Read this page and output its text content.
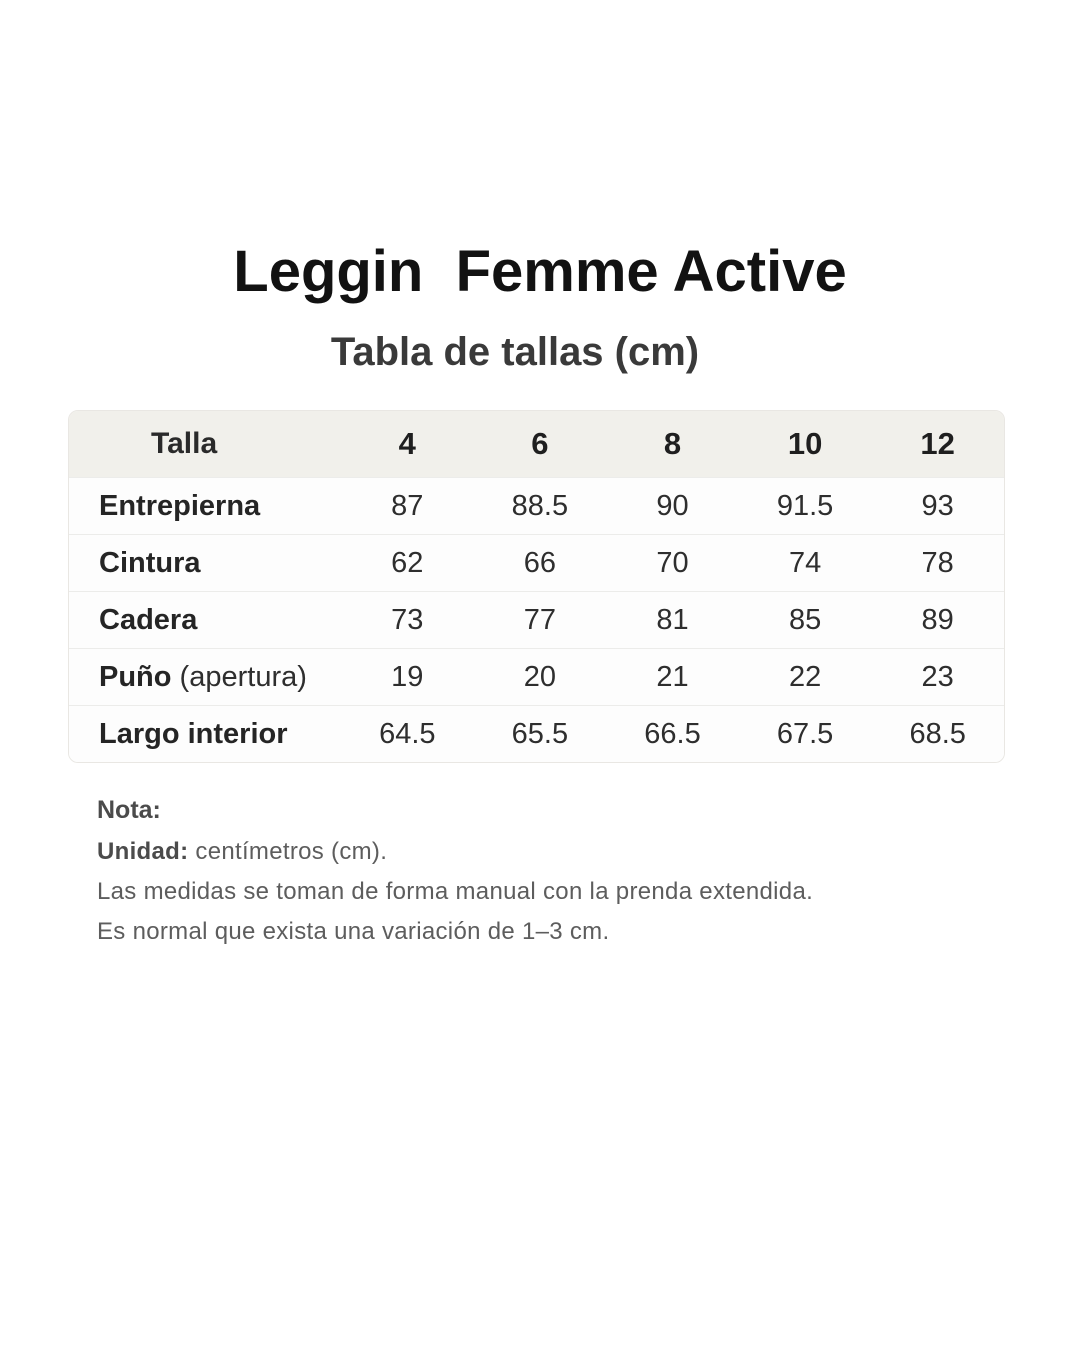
Leggin  Femme Active
Tabla de tallas (cm)
Talla	4	6	8	10	12
Entrepierna	87	88.5	90	91.5	93
Cintura	62	66	70	74	78
Cadera	73	77	81	85	89
Puño (apertura)	19	20	21	22	23
Largo interior	64.5	65.5	66.5	67.5	68.5
Nota:
Unidad: centímetros (cm).
Las medidas se toman de forma manual con la prenda extendida.
Es normal que exista una variación de 1–3 cm.
